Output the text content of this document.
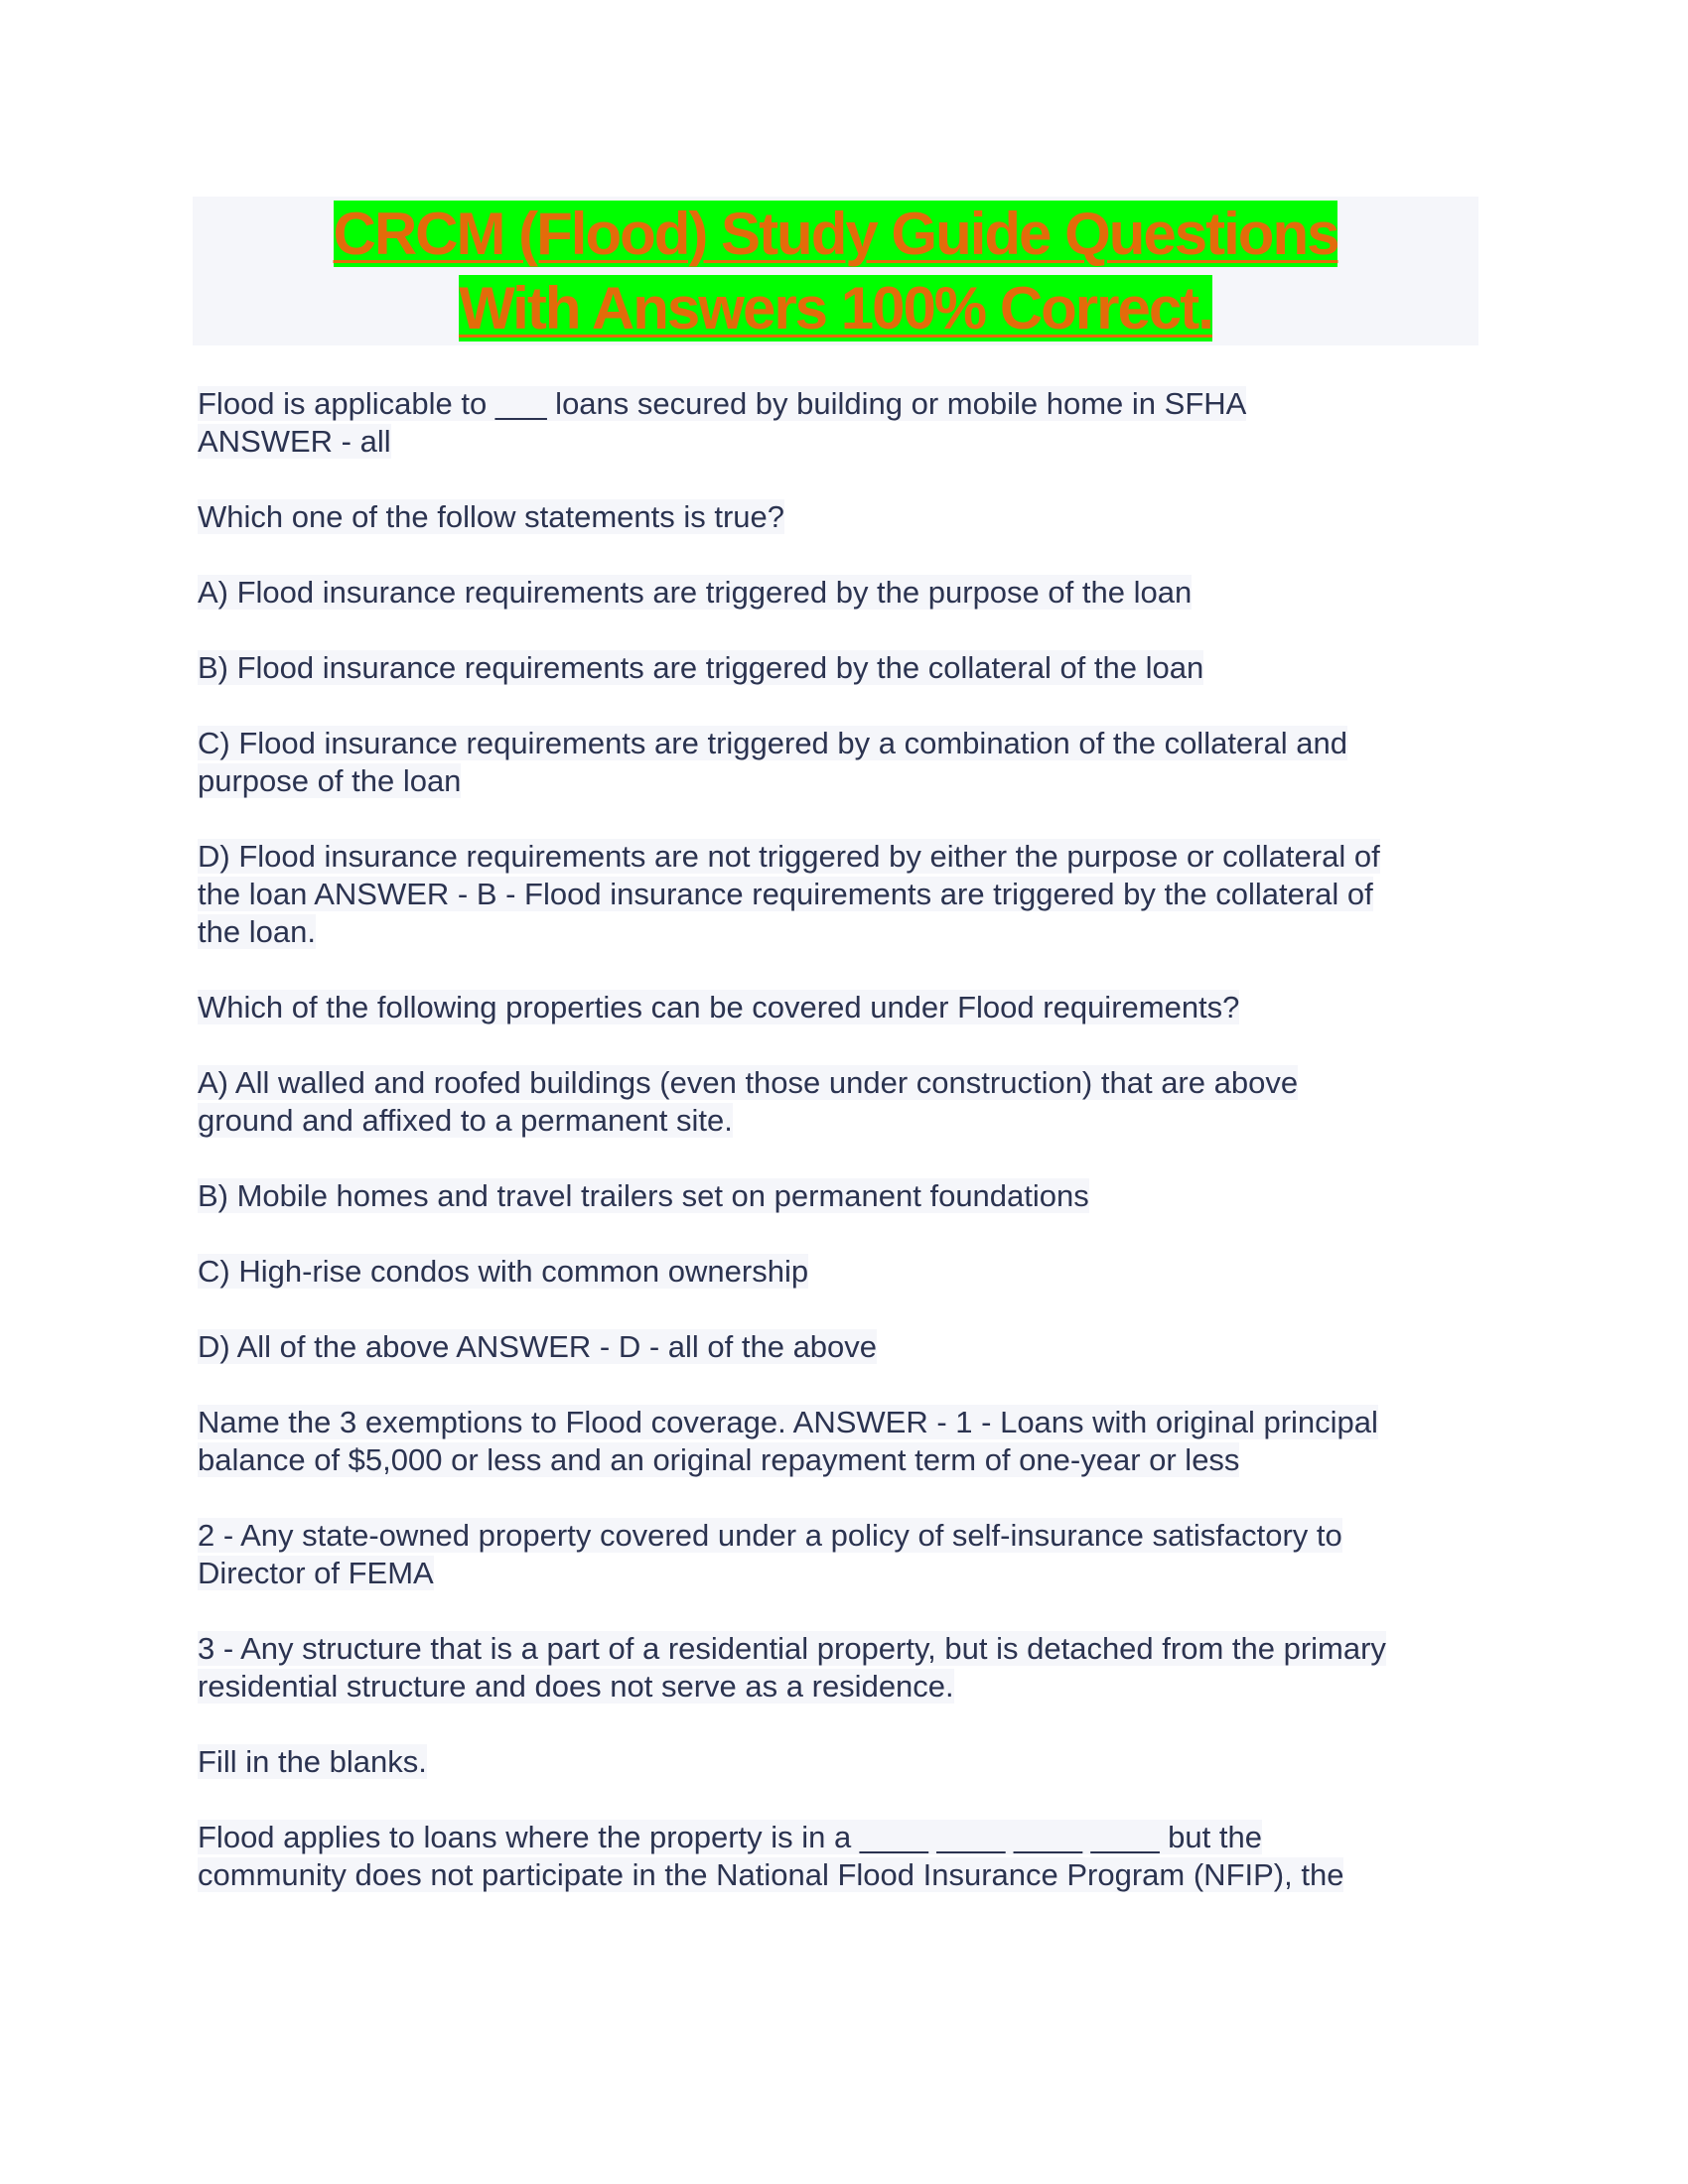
CRCM (Flood) Study Guide Questions
With Answers 100% Correct.
Flood is applicable to ___ loans secured by building or mobile home in SFHA
ANSWER - all
Which one of the follow statements is true?
A) Flood insurance requirements are triggered by the purpose of the loan
B) Flood insurance requirements are triggered by the collateral of the loan
C) Flood insurance requirements are triggered by a combination of the collateral and
purpose of the loan
D) Flood insurance requirements are not triggered by either the purpose or collateral of
the loan ANSWER - B - Flood insurance requirements are triggered by the collateral of
the loan.
Which of the following properties can be covered under Flood requirements?
A) All walled and roofed buildings (even those under construction) that are above
ground and affixed to a permanent site.
B) Mobile homes and travel trailers set on permanent foundations
C) High-rise condos with common ownership
D) All of the above ANSWER - D - all of the above
Name the 3 exemptions to Flood coverage. ANSWER - 1 - Loans with original principal
balance of $5,000 or less and an original repayment term of one-year or less
2 - Any state-owned property covered under a policy of self-insurance satisfactory to
Director of FEMA
3 - Any structure that is a part of a residential property, but is detached from the primary
residential structure and does not serve as a residence.
Fill in the blanks.
Flood applies to loans where the property is in a ____ ____ ____ ____ but the
community does not participate in the National Flood Insurance Program (NFIP), the
